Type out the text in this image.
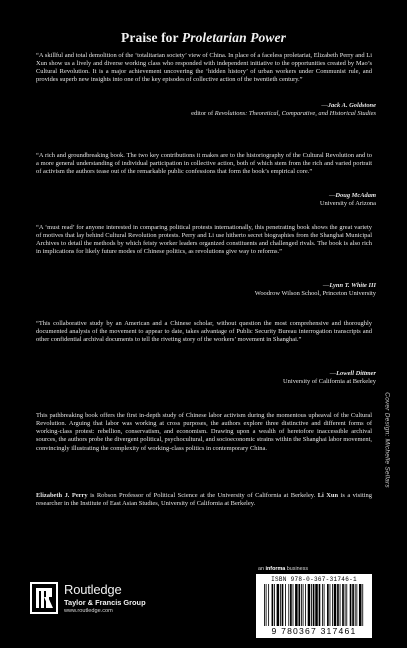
Praise for Proletarian Power

“A skillful and total demolition of the ‘totalitarian society’ view of China. In place of a faceless proletariat, Elizabeth Perry and Li Xun show us a lively and diverse working class who responded with independent initiative to the opportunities created by Mao’s Cultural Revolution. It is a major achievement uncovering the ‘hidden history’ of urban workers under Communist rule, and provides superb new insights into one of the key episodes of collective action of the twentieth century.”

—Jack A. Goldstone
editor of Revolutions: Theoretical, Comparative, and Historical Studies

“A rich and groundbreaking book. The two key contributions it makes are to the historiography of the Cultural Revolution and to a more general understanding of individual participation in collective action, both of which stem from the rich and varied portrait of activism the authors tease out of the remarkable public confessions that form the book’s empirical core.”

—Doug McAdam
University of Arizona

“A ‘must read’ for anyone interested in comparing political protests internationally, this penetrating book shows the great variety of motives that lay behind Cultural Revolution protests. Perry and Li use hitherto secret biographies from the Shanghai Municipal Archives to detail the methods by which feisty worker leaders organized constituents and challenged rivals. The book is also rich in implications for likely future modes of Chinese politics, as revolutions give way to reforms.”

—Lynn T. White III
Woodrow Wilson School, Princeton University

“This collaborative study by an American and a Chinese scholar, without question the most comprehensive and thoroughly documented analysis of the movement to appear to date, takes advantage of Public Security Bureau interrogation transcripts and other confidential archival documents to tell the riveting story of the workers’ movement in Shanghai.”

—Lowell Dittmer
University of California at Berkeley

This pathbreaking book offers the first in-depth study of Chinese labor activism during the momentous upheaval of the Cultural Revolution. Arguing that labor was working at cross purposes, the authors explore three distinctive and different forms of working-class protest: rebellion, conservatism, and economism. Drawing upon a wealth of heretofore inaccessible archival sources, the authors probe the divergent political, psychocultural, and socioeconomic strains within the Shanghai labor movement, convincingly illustrating the complexity of working-class politics in contemporary China.

Elizabeth J. Perry is Robson Professor of Political Science at the University of California at Berkeley. Li Xun is a visiting researcher in the Institute of East Asian Studies, University of California at Berkeley.

Cover Design: Michelle Sellars
Routledge
Taylor & Francis Group
www.routledge.com
an informa business
ISBN 978-0-367-31746-1
9 780367 317461
